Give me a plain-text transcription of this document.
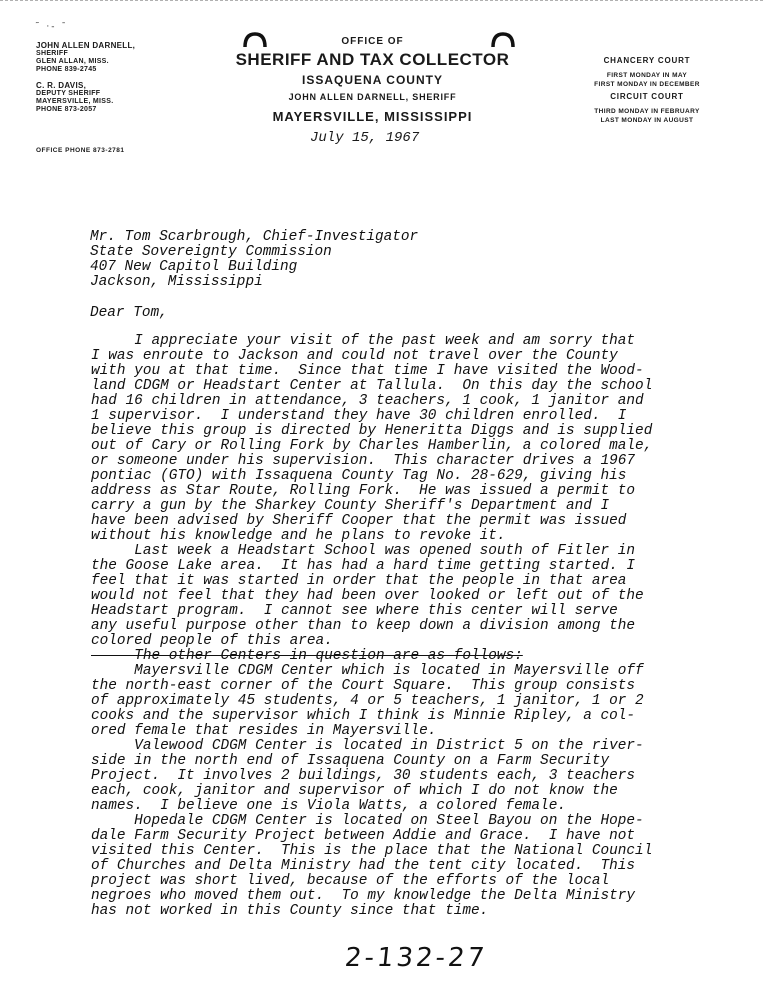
˜ ·- ˉ
JOHN ALLEN DARNELL,
SHERIFF
GLEN ALLAN, MISS.
PHONE 839-2745
C. R. DAVIS,
DEPUTY SHERIFF
MAYERSVILLE, MISS.
PHONE 873-2057
OFFICE PHONE 873-2781
OFFICE OF
SHERIFF AND TAX COLLECTOR
ISSAQUENA COUNTY
JOHN ALLEN DARNELL, SHERIFF
MAYERSVILLE, MISSISSIPPI
CHANCERY COURT
FIRST MONDAY IN MAY
FIRST MONDAY IN DECEMBER
CIRCUIT COURT
THIRD MONDAY IN FEBRUARY
LAST MONDAY IN AUGUST
July 15, 1967
Mr. Tom Scarbrough, Chief-Investigator
State Sovereignty Commission
407 New Capitol Building
Jackson, Mississippi
Dear Tom,
I appreciate your visit of the past week and am sorry that
I was enroute to Jackson and could not travel over the County
with you at that time.  Since that time I have visited the Wood-
land CDGM or Headstart Center at Tallula.  On this day the school
had 16 children in attendance, 3 teachers, 1 cook, 1 janitor and
1 supervisor.  I understand they have 30 children enrolled.  I
believe this group is directed by Heneritta Diggs and is supplied
out of Cary or Rolling Fork by Charles Hamberlin, a colored male,
or someone under his supervision.  This character drives a 1967
pontiac (GTO) with Issaquena County Tag No. 28-629, giving his
address as Star Route, Rolling Fork.  He was issued a permit to
carry a gun by the Sharkey County Sheriff's Department and I
have been advised by Sheriff Cooper that the permit was issued
without his knowledge and he plans to revoke it.
Last week a Headstart School was opened south of Fitler in
the Goose Lake area.  It has had a hard time getting started. I
feel that it was started in order that the people in that area
would not feel that they had been over looked or left out of the
Headstart program.  I cannot see where this center will serve
any useful purpose other than to keep down a division among the
colored people of this area.
The other Centers in question are as follows:
Mayersville CDGM Center which is located in Mayersville off
the north-east corner of the Court Square.  This group consists
of approximately 45 students, 4 or 5 teachers, 1 janitor, 1 or 2
cooks and the supervisor which I think is Minnie Ripley, a col-
ored female that resides in Mayersville.
Valewood CDGM Center is located in District 5 on the river-
side in the north end of Issaquena County on a Farm Security
Project.  It involves 2 buildings, 30 students each, 3 teachers
each, cook, janitor and supervisor of which I do not know the
names.  I believe one is Viola Watts, a colored female.
Hopedale CDGM Center is located on Steel Bayou on the Hope-
dale Farm Security Project between Addie and Grace.  I have not
visited this Center.  This is the place that the National Council
of Churches and Delta Ministry had the tent city located.  This
project was short lived, because of the efforts of the local
negroes who moved them out.  To my knowledge the Delta Ministry
has not worked in this County since that time.
2-132-27
